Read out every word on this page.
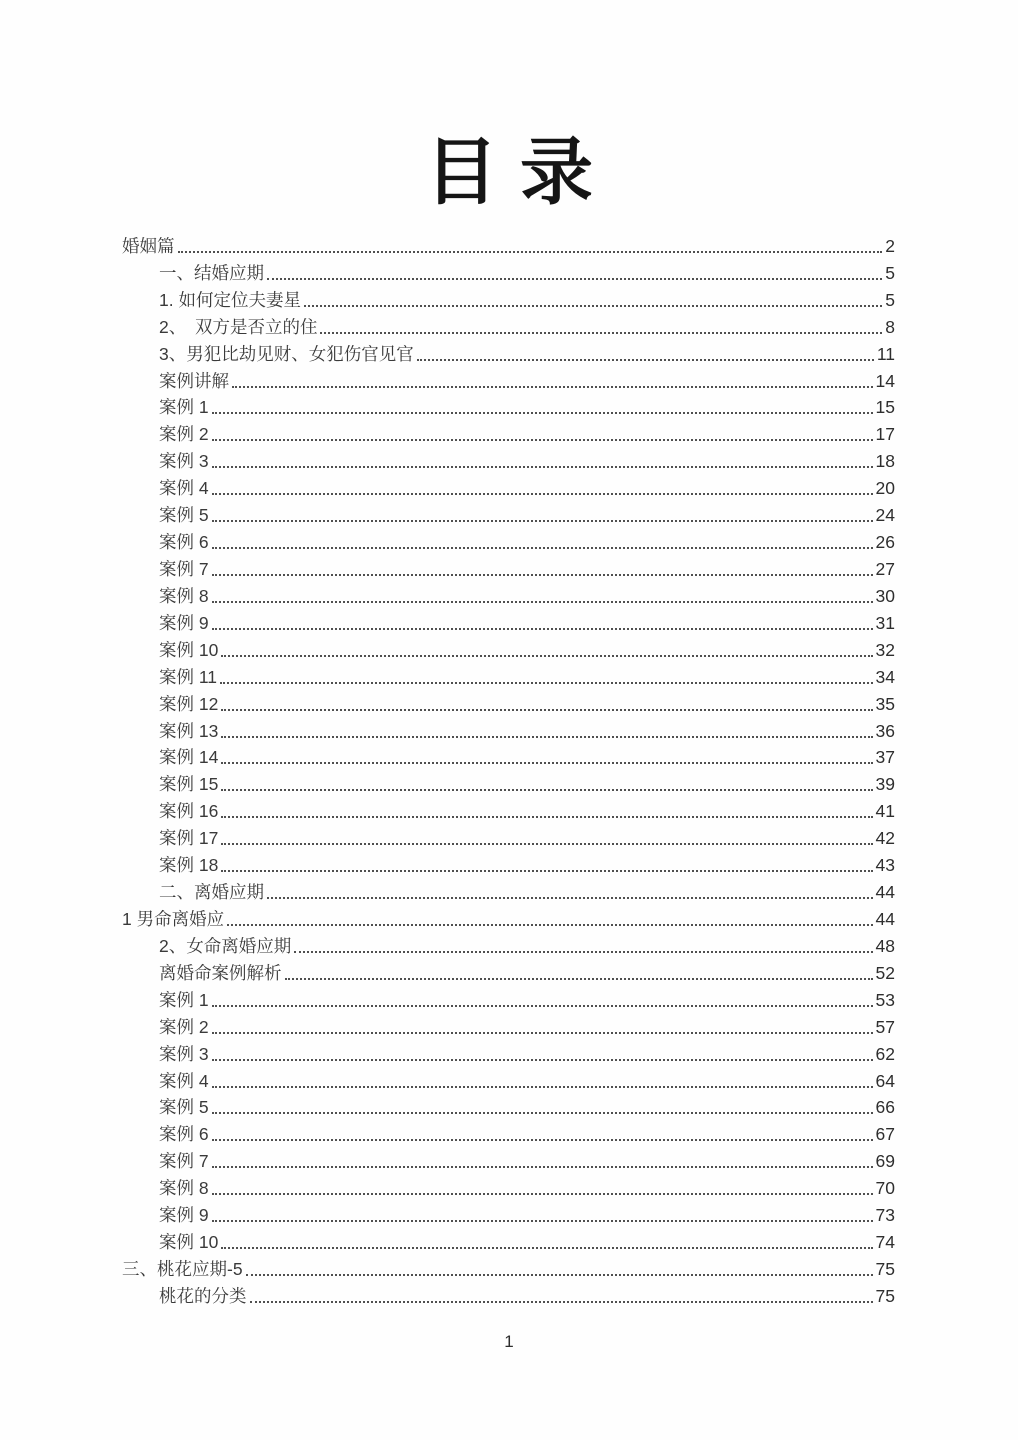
目录
婚姻篇	2
一、结婚应期	5
1. 如何定位夫妻星	5
2、　双方是否立的住	8
3、男犯比劫见财、女犯伤官见官	11
案例讲解	14
案例 1	15
案例 2	17
案例 3	18
案例 4	20
案例 5	24
案例 6	26
案例 7	27
案例 8	30
案例 9	31
案例 10	32
案例 11	34
案例 12	35
案例 13	36
案例 14	37
案例 15	39
案例 16	41
案例 17	42
案例 18	43
二、离婚应期	44
1 男命离婚应	44
2、女命离婚应期	48
离婚命案例解析	52
案例 1	53
案例 2	57
案例 3	62
案例 4	64
案例 5	66
案例 6	67
案例 7	69
案例 8	70
案例 9	73
案例 10	74
三、桃花应期-5	75
桃花的分类	75
1
